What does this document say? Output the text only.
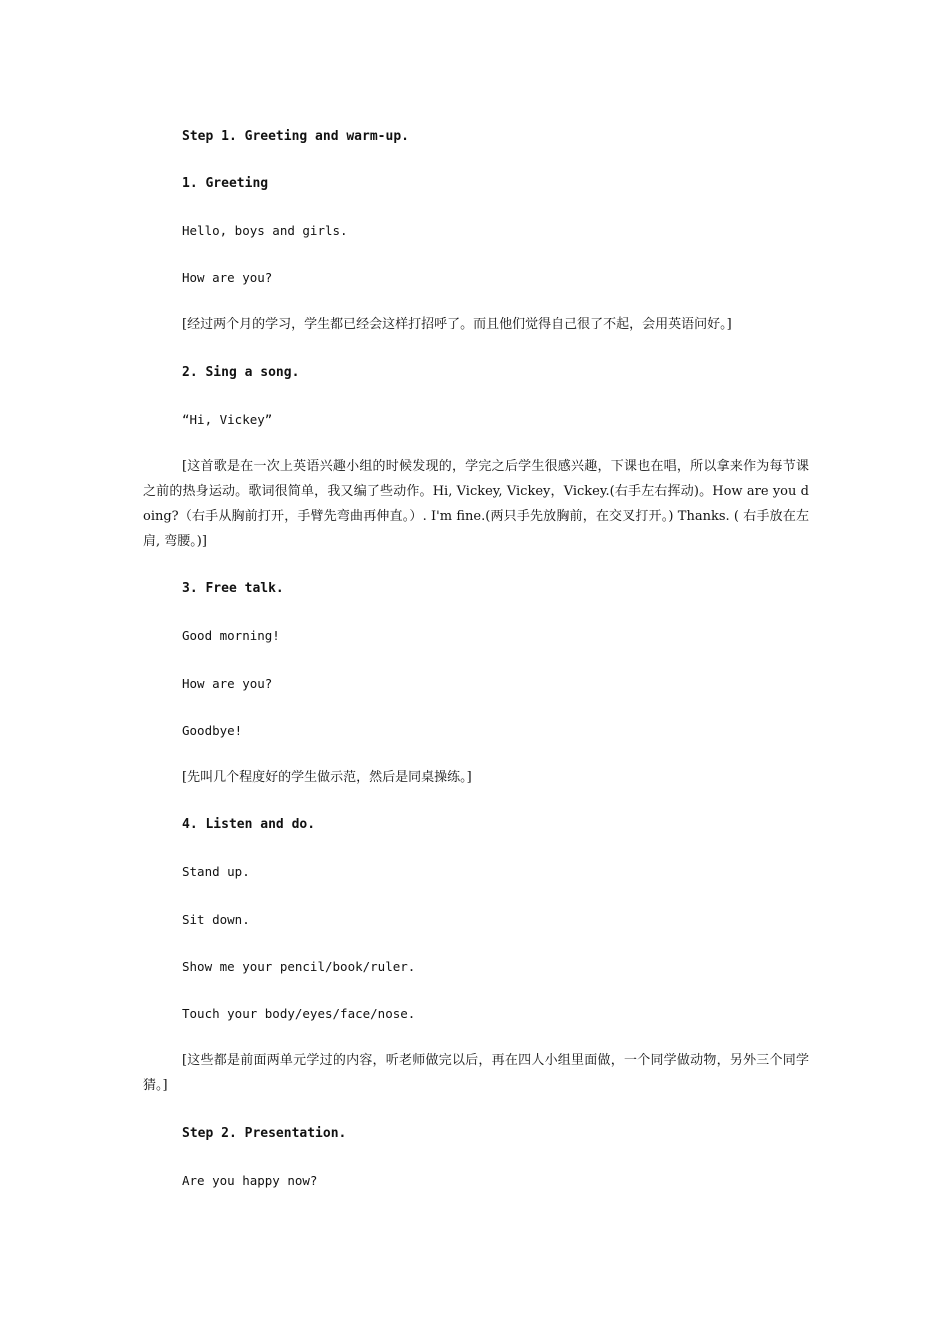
Step 1. Greeting and warm-up.

1. Greeting

Hello, boys and girls.

How are you?

[经过两个月的学习，学生都已经会这样打招呼了。而且他们觉得自己很了不起，会用英语问好。]

2. Sing a song.

“Hi, Vickey”

[这首歌是在一次上英语兴趣小组的时候发现的，学完之后学生很感兴趣，下课也在唱，所以拿来作为每节课之前的热身运动。歌词很简单，我又编了些动作。Hi, Vickey, Vickey，Vickey.(右手左右挥动)。How are you doing?（右手从胸前打开，手臂先弯曲再伸直。）. I'm fine.(两只手先放胸前，在交叉打开。) Thanks. ( 右手放在左肩, 弯腰。)]

3. Free talk.

Good morning!

How are you?

Goodbye!

[先叫几个程度好的学生做示范，然后是同桌操练。]

4. Listen and do.

Stand up.

Sit down.

Show me your pencil/book/ruler.

Touch your body/eyes/face/nose.

[这些都是前面两单元学过的内容，听老师做完以后，再在四人小组里面做，一个同学做动物，另外三个同学猜。]

Step 2. Presentation.

Are you happy now?
